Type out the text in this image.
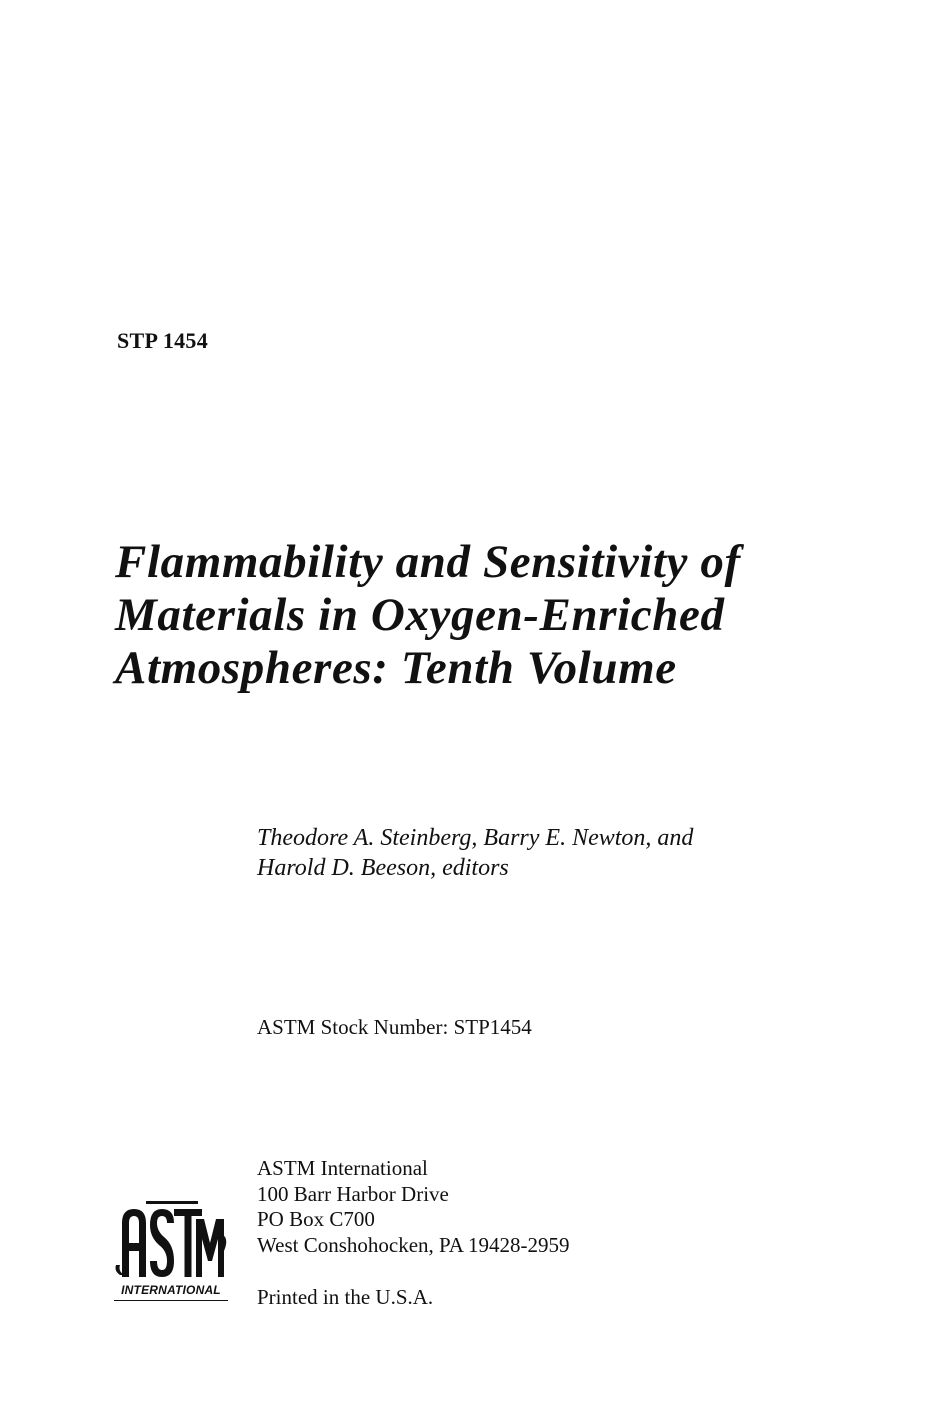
STP 1454
Flammability and Sensitivity of
Materials in Oxygen-Enriched
Atmospheres: Tenth Volume
Theodore A. Steinberg, Barry E. Newton, and
Harold D. Beeson, editors
ASTM Stock Number: STP1454
ASTM International
100 Barr Harbor Drive
PO Box C700
West Conshohocken, PA 19428-2959
Printed in the U.S.A.
INTERNATIONAL
